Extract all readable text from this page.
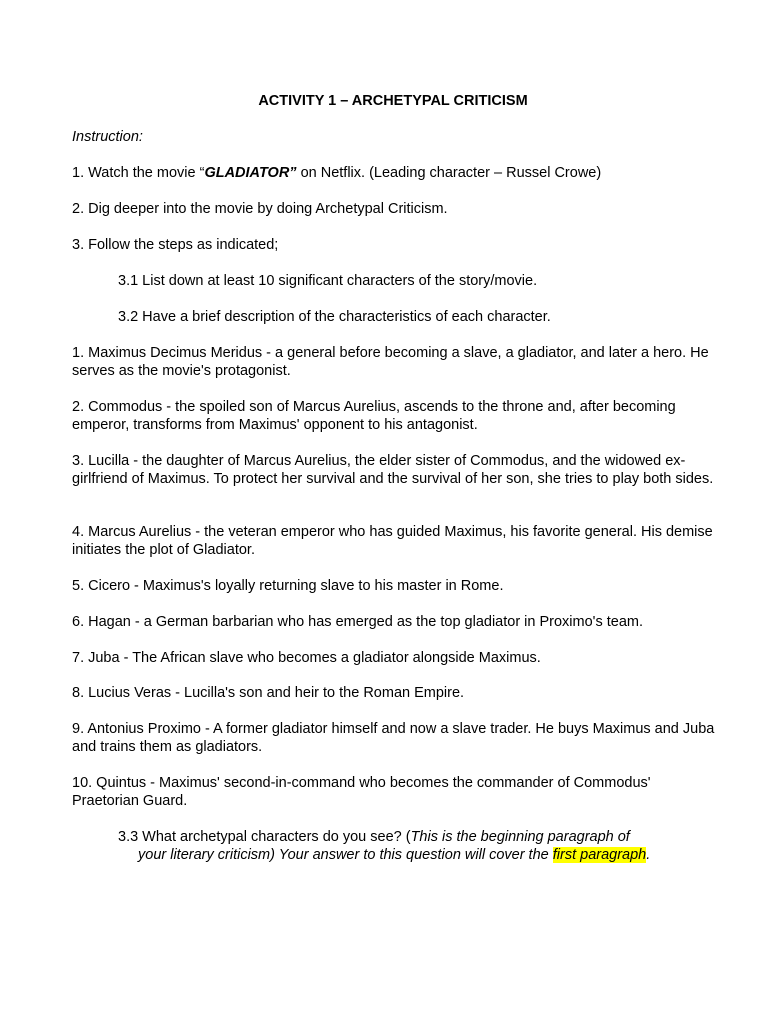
ACTIVITY 1 – ARCHETYPAL CRITICISM

Instruction:

1. Watch the movie “GLADIATOR” on Netflix. (Leading character – Russel Crowe)

2. Dig deeper into the movie by doing Archetypal Criticism.

3. Follow the steps as indicated;

3.1 List down at least 10 significant characters of the story/movie.

3.2 Have a brief description of the characteristics of each character.

1. Maximus Decimus Meridus - a general before becoming a slave, a gladiator, and later a hero. He serves as the movie's protagonist.

2. Commodus - the spoiled son of Marcus Aurelius, ascends to the throne and, after becoming emperor, transforms from Maximus' opponent to his antagonist.

3. Lucilla - the daughter of Marcus Aurelius, the elder sister of Commodus, and the widowed ex-girlfriend of Maximus. To protect her survival and the survival of her son, she tries to play both sides.

4. Marcus Aurelius - the veteran emperor who has guided Maximus, his favorite general. His demise initiates the plot of Gladiator.

5. Cicero - Maximus's loyally returning slave to his master in Rome.

6. Hagan - a German barbarian who has emerged as the top gladiator in Proximo's team.

7. Juba - The African slave who becomes a gladiator alongside Maximus.

8. Lucius Veras - Lucilla's son and heir to the Roman Empire.

9. Antonius Proximo - A former gladiator himself and now a slave trader. He buys Maximus and Juba and trains them as gladiators.

10. Quintus - Maximus' second-in-command who becomes the commander of Commodus' Praetorian Guard.

3.3 What archetypal characters do you see? (This is the beginning paragraph of
your literary criticism) Your answer to this question will cover the first paragraph.
